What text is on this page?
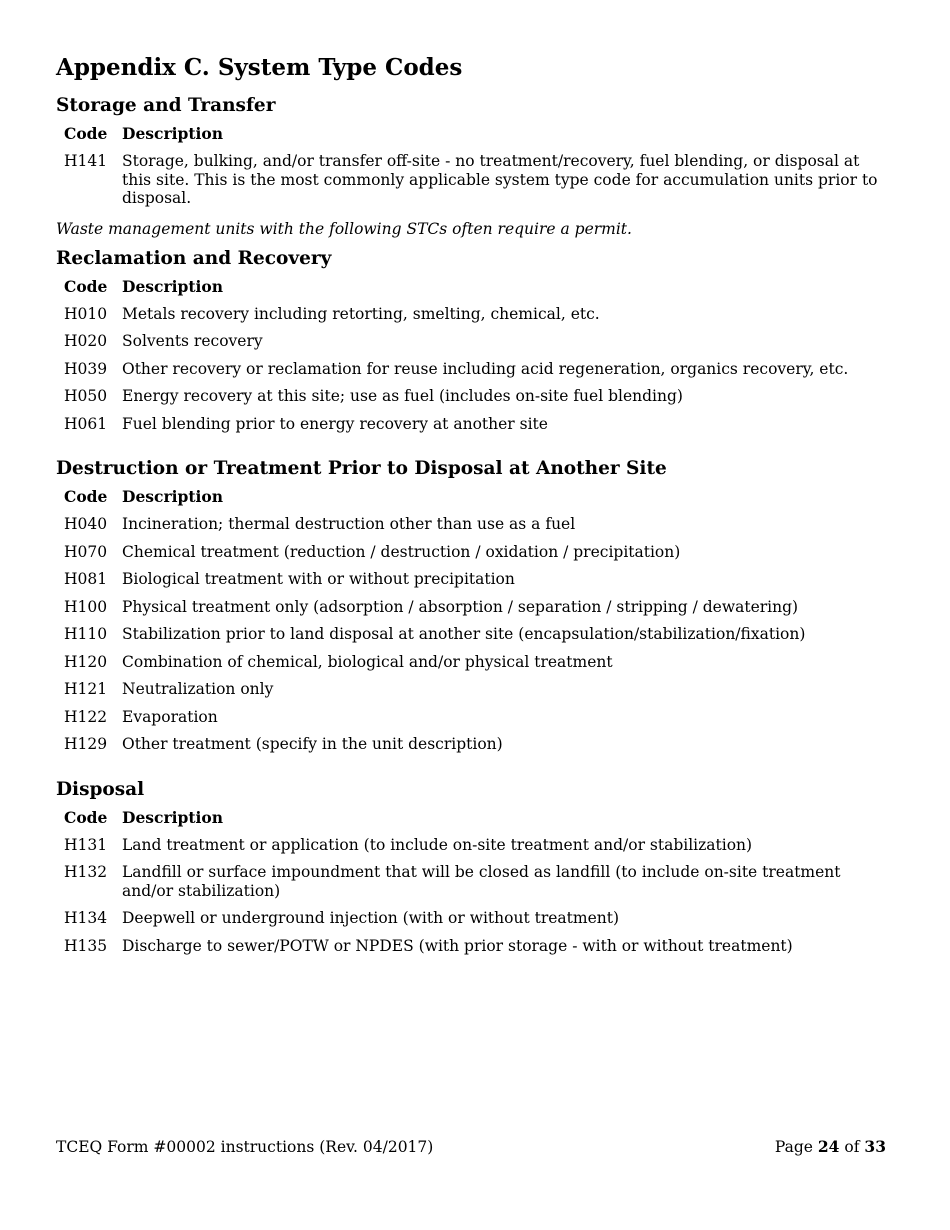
Appendix C. System Type Codes
Storage and Transfer
Code	Description
H141	Storage, bulking, and/or transfer off-site - no treatment/recovery, fuel blending, or disposal at this site. This is the most commonly applicable system type code for accumulation units prior to disposal.

Waste management units with the following STCs often require a permit.

Reclamation and Recovery
Code	Description
H010	Metals recovery including retorting, smelting, chemical, etc.
H020	Solvents recovery
H039	Other recovery or reclamation for reuse including acid regeneration, organics recovery, etc.
H050	Energy recovery at this site; use as fuel (includes on-site fuel blending)
H061	Fuel blending prior to energy recovery at another site
Destruction or Treatment Prior to Disposal at Another Site
Code	Description
H040	Incineration; thermal destruction other than use as a fuel
H070	Chemical treatment (reduction / destruction / oxidation / precipitation)
H081	Biological treatment with or without precipitation
H100	Physical treatment only (adsorption / absorption / separation / stripping / dewatering)
H110	Stabilization prior to land disposal at another site (encapsulation/stabilization/fixation)
H120	Combination of chemical, biological and/or physical treatment
H121	Neutralization only
H122	Evaporation
H129	Other treatment (specify in the unit description)
Disposal
Code	Description
H131	Land treatment or application (to include on-site treatment and/or stabilization)
H132	Landfill or surface impoundment that will be closed as landfill (to include on-site treatment and/or stabilization)
H134	Deepwell or underground injection (with or without treatment)
H135	Discharge to sewer/POTW or NPDES (with prior storage - with or without treatment)
TCEQ Form #00002 instructions (Rev. 04/2017)	Page 24 of 33
